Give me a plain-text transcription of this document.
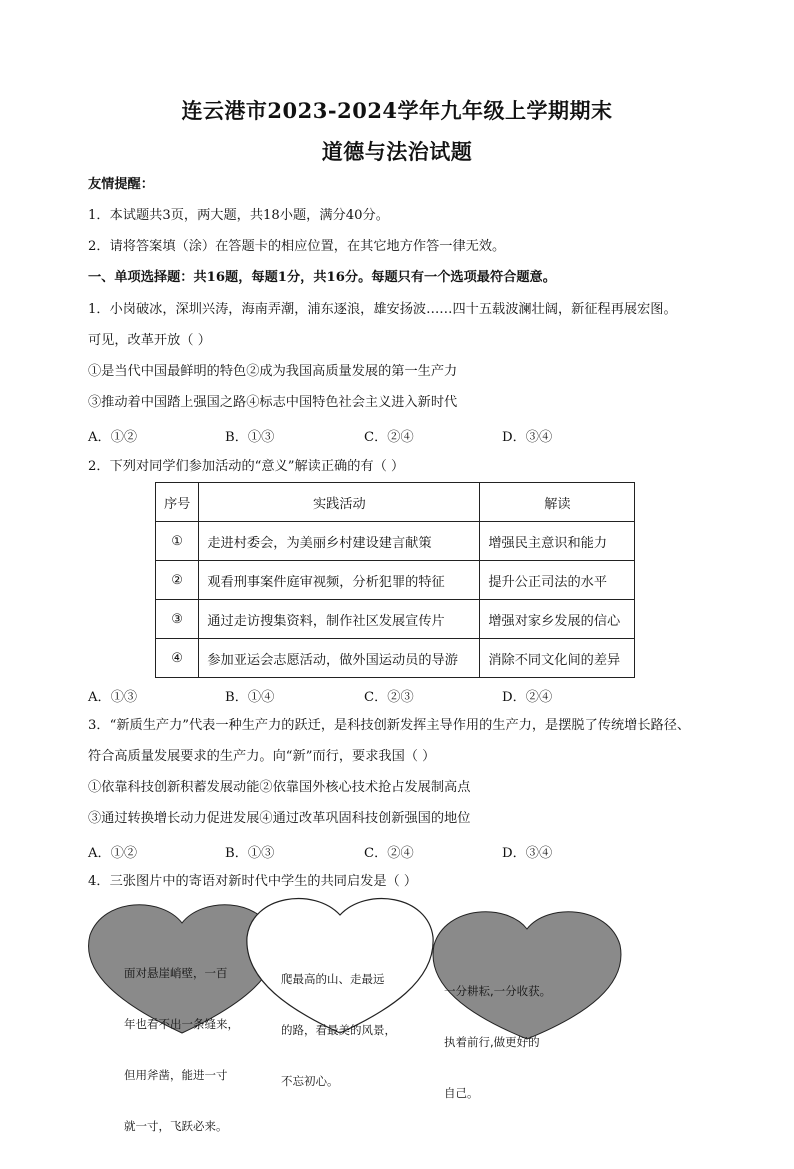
连云港市2023-2024学年九年级上学期期末
道德与法治试题
友情提醒：
1．本试题共3页，两大题，共18小题，满分40分。
2．请将答案填（涂）在答题卡的相应位置，在其它地方作答一律无效。
一、单项选择题：共16题，每题1分，共16分。每题只有一个选项最符合题意。
1．小岗破冰，深圳兴涛，海南弄潮，浦东逐浪，雄安扬波……四十五载波澜壮阔，新征程再展宏图。
可见，改革开放（ ）
①是当代中国最鲜明的特色②成为我国高质量发展的第一生产力
③推动着中国踏上强国之路④标志中国特色社会主义进入新时代
A．①②	B．①③	C．②④	D．③④
2．下列对同学们参加活动的“意义”解读正确的有（ ）
序号	实践活动	解读
①	走进村委会，为美丽乡村建设建言献策	增强民主意识和能力
②	观看刑事案件庭审视频，分析犯罪的特征	提升公正司法的水平
③	通过走访搜集资料，制作社区发展宣传片	增强对家乡发展的信心
④	参加亚运会志愿活动，做外国运动员的导游	消除不同文化间的差异
A．①③	B．①④	C．②③	D．②④
3．“新质生产力”代表一种生产力的跃迁，是科技创新发挥主导作用的生产力，是摆脱了传统增长路径、
符合高质量发展要求的生产力。向“新”而行，要求我国（ ）
①依靠科技创新积蓄发展动能②依靠国外核心技术抢占发展制高点
③通过转换增长动力促进发展④通过改革巩固科技创新强国的地位
A．①②	B．①③	C．②④	D．③④
4．三张图片中的寄语对新时代中学生的共同启发是（ ）

面对悬崖峭壁，一百

年也看不出一条缝来，

但用斧凿，能进一寸

就一寸，飞跃必来。

爬最高的山、走最远

的路，看最美的风景，

不忘初心。

一分耕耘,一分收获。

执着前行,做更好的

自己。
